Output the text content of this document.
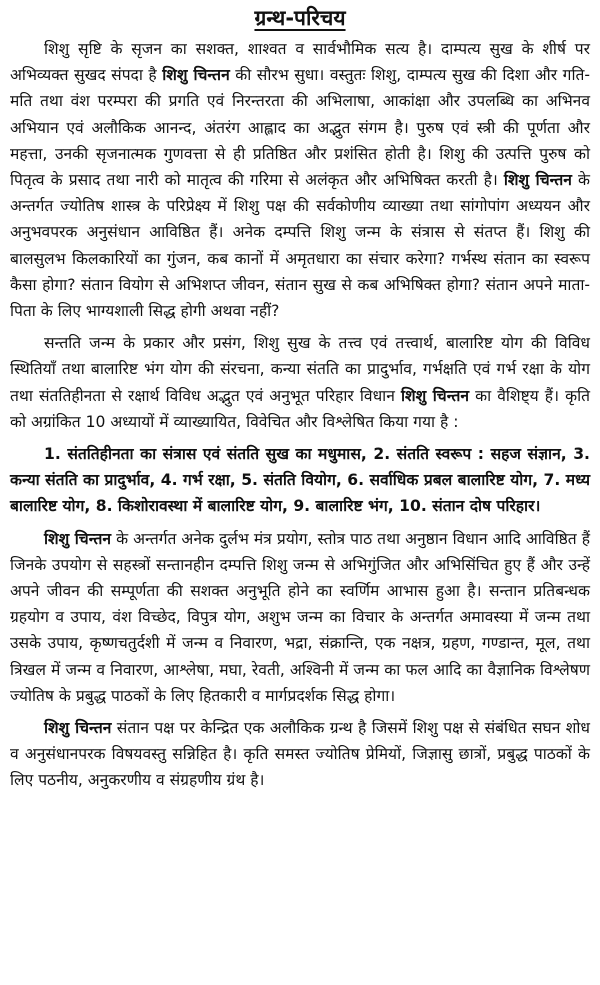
ग्रन्थ-परिचय

शिशु सृष्टि के सृजन का सशक्त, शाश्वत व सार्वभौमिक सत्य है। दाम्पत्य सुख के शीर्ष पर अभिव्यक्त सुखद संपदा है शिशु चिन्तन की सौरभ सुधा। वस्तुतः शिशु, दाम्पत्य सुख की दिशा और गति-मति तथा वंश परम्परा की प्रगति एवं निरन्तरता की अभिलाषा, आकांक्षा और उपलब्धि का अभिनव अभियान एवं अलौकिक आनन्द, अंतरंग आह्लाद का अद्भुत संगम है। पुरुष एवं स्त्री की पूर्णता और महत्ता, उनकी सृजनात्मक गुणवत्ता से ही प्रतिष्ठित और प्रशंसित होती है। शिशु की उत्पत्ति पुरुष को पितृत्व के प्रसाद तथा नारी को मातृत्व की गरिमा से अलंकृत और अभिषिक्त करती है। शिशु चिन्तन के अन्तर्गत ज्योतिष शास्त्र के परिप्रेक्ष्य में शिशु पक्ष की सर्वकोणीय व्याख्या तथा सांगोपांग अध्ययन और अनुभवपरक अनुसंधान आविष्ठित हैं। अनेक दम्पत्ति शिशु जन्म के संत्रास से संतप्त हैं। शिशु की बालसुलभ किलकारियों का गुंजन, कब कानों में अमृतधारा का संचार करेगा? गर्भस्थ संतान का स्वरूप कैसा होगा? संतान वियोग से अभिशप्त जीवन, संतान सुख से कब अभिषिक्त होगा? संतान अपने माता-पिता के लिए भाग्यशाली सिद्ध होगी अथवा नहीं?

सन्तति जन्म के प्रकार और प्रसंग, शिशु सुख के तत्त्व एवं तत्त्वार्थ, बालारिष्ट योग की विविध स्थितियाँ तथा बालारिष्ट भंग योग की संरचना, कन्या संतति का प्रादुर्भाव, गर्भक्षति एवं गर्भ रक्षा के योग तथा संततिहीनता से रक्षार्थ विविध अद्भुत एवं अनुभूत परिहार विधान शिशु चिन्तन का वैशिष्ट्य हैं। कृति को अग्रांकित 10 अध्यायों में व्याख्यायित, विवेचित और विश्लेषित किया गया है :

1. संततिहीनता का संत्रास एवं संतति सुख का मधुमास, 2. संतति स्वरूप : सहज संज्ञान, 3. कन्या संतति का प्रादुर्भाव, 4. गर्भ रक्षा, 5. संतति वियोग, 6. सर्वाधिक प्रबल बालारिष्ट योग, 7. मध्य बालारिष्ट योग, 8. किशोरावस्था में बालारिष्ट योग, 9. बालारिष्ट भंग, 10. संतान दोष परिहार।

शिशु चिन्तन के अन्तर्गत अनेक दुर्लभ मंत्र प्रयोग, स्तोत्र पाठ तथा अनुष्ठान विधान आदि आविष्ठित हैं जिनके उपयोग से सहस्त्रों सन्तानहीन दम्पत्ति शिशु जन्म से अभिगुंजित और अभिसिंचित हुए हैं और उन्हें अपने जीवन की सम्पूर्णता की सशक्त अनुभूति होने का स्वर्णिम आभास हुआ है। सन्तान प्रतिबन्धक ग्रहयोग व उपाय, वंश विच्छेद, विपुत्र योग, अशुभ जन्म का विचार के अन्तर्गत अमावस्या में जन्म तथा उसके उपाय, कृष्णचतुर्दशी में जन्म व निवारण, भद्रा, संक्रान्ति, एक नक्षत्र, ग्रहण, गण्डान्त, मूल, तथा त्रिखल में जन्म व निवारण, आश्लेषा, मघा, रेवती, अश्विनी में जन्म का फल आदि का वैज्ञानिक विश्लेषण ज्योतिष के प्रबुद्ध पाठकों के लिए हितकारी व मार्गप्रदर्शक सिद्ध होगा।

शिशु चिन्तन संतान पक्ष पर केन्द्रित एक अलौकिक ग्रन्थ है जिसमें शिशु पक्ष से संबंधित सघन शोध व अनुसंधानपरक विषयवस्तु सन्निहित है। कृति समस्त ज्योतिष प्रेमियों, जिज्ञासु छात्रों, प्रबुद्ध पाठकों के लिए पठनीय, अनुकरणीय व संग्रहणीय ग्रंथ है।
